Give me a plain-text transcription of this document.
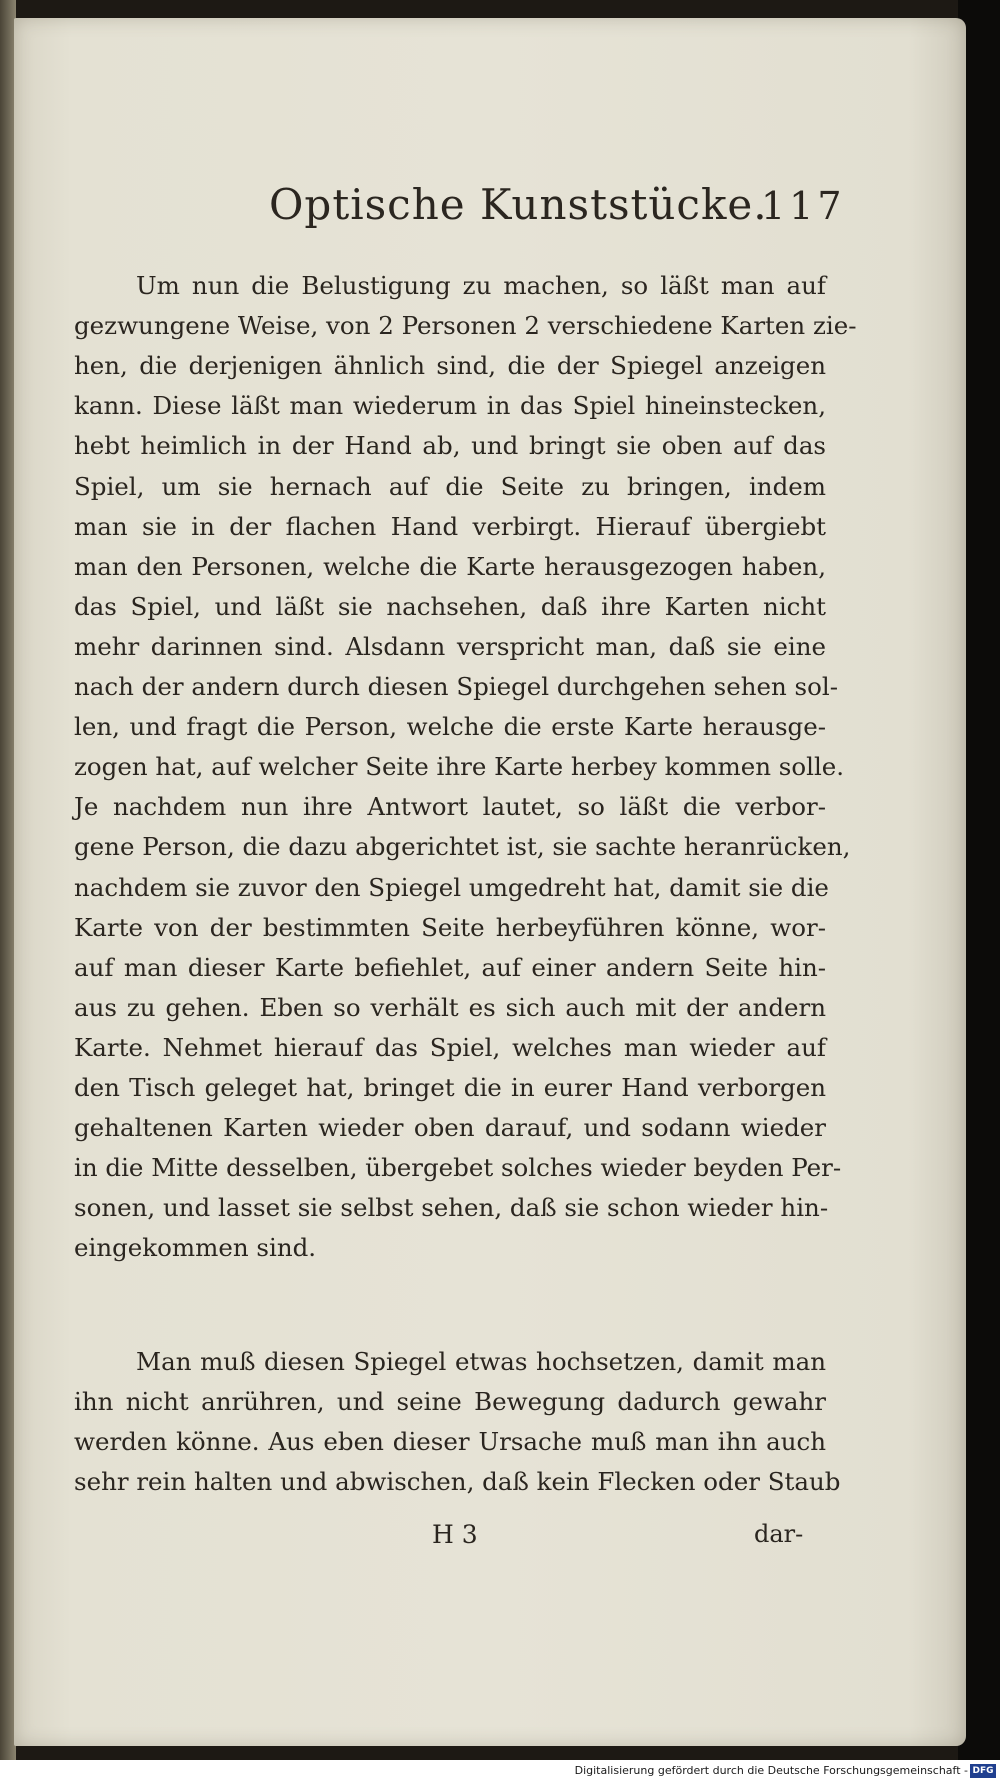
Optische Kunststücke.
117
Um nun die Belustigung zu machen, so läßt man auf
gezwungene Weise, von 2 Personen 2 verschiedene Karten zie-
hen, die derjenigen ähnlich sind, die der Spiegel anzeigen
kann. Diese läßt man wiederum in das Spiel hineinstecken,
hebt heimlich in der Hand ab, und bringt sie oben auf das
Spiel, um sie hernach auf die Seite zu bringen, indem
man sie in der flachen Hand verbirgt. Hierauf übergiebt
man den Personen, welche die Karte herausgezogen haben,
das Spiel, und läßt sie nachsehen, daß ihre Karten nicht
mehr darinnen sind. Alsdann verspricht man, daß sie eine
nach der andern durch diesen Spiegel durchgehen sehen sol-
len, und fragt die Person, welche die erste Karte herausge-
zogen hat, auf welcher Seite ihre Karte herbey kommen solle.
Je nachdem nun ihre Antwort lautet, so läßt die verbor-
gene Person, die dazu abgerichtet ist, sie sachte heranrücken,
nachdem sie zuvor den Spiegel umgedreht hat, damit sie die
Karte von der bestimmten Seite herbeyführen könne, wor-
auf man dieser Karte befiehlet, auf einer andern Seite hin-
aus zu gehen. Eben so verhält es sich auch mit der andern
Karte. Nehmet hierauf das Spiel, welches man wieder auf
den Tisch geleget hat, bringet die in eurer Hand verborgen
gehaltenen Karten wieder oben darauf, und sodann wieder
in die Mitte desselben, übergebet solches wieder beyden Per-
sonen, und lasset sie selbst sehen, daß sie schon wieder hin-
eingekommen sind.
Man muß diesen Spiegel etwas hochsetzen, damit man
ihn nicht anrühren, und seine Bewegung dadurch gewahr
werden könne. Aus eben dieser Ursache muß man ihn auch
sehr rein halten und abwischen, daß kein Flecken oder Staub
H 3	dar-
Digitalisierung gefördert durch die Deutsche Forschungsgemeinschaft - DFG
